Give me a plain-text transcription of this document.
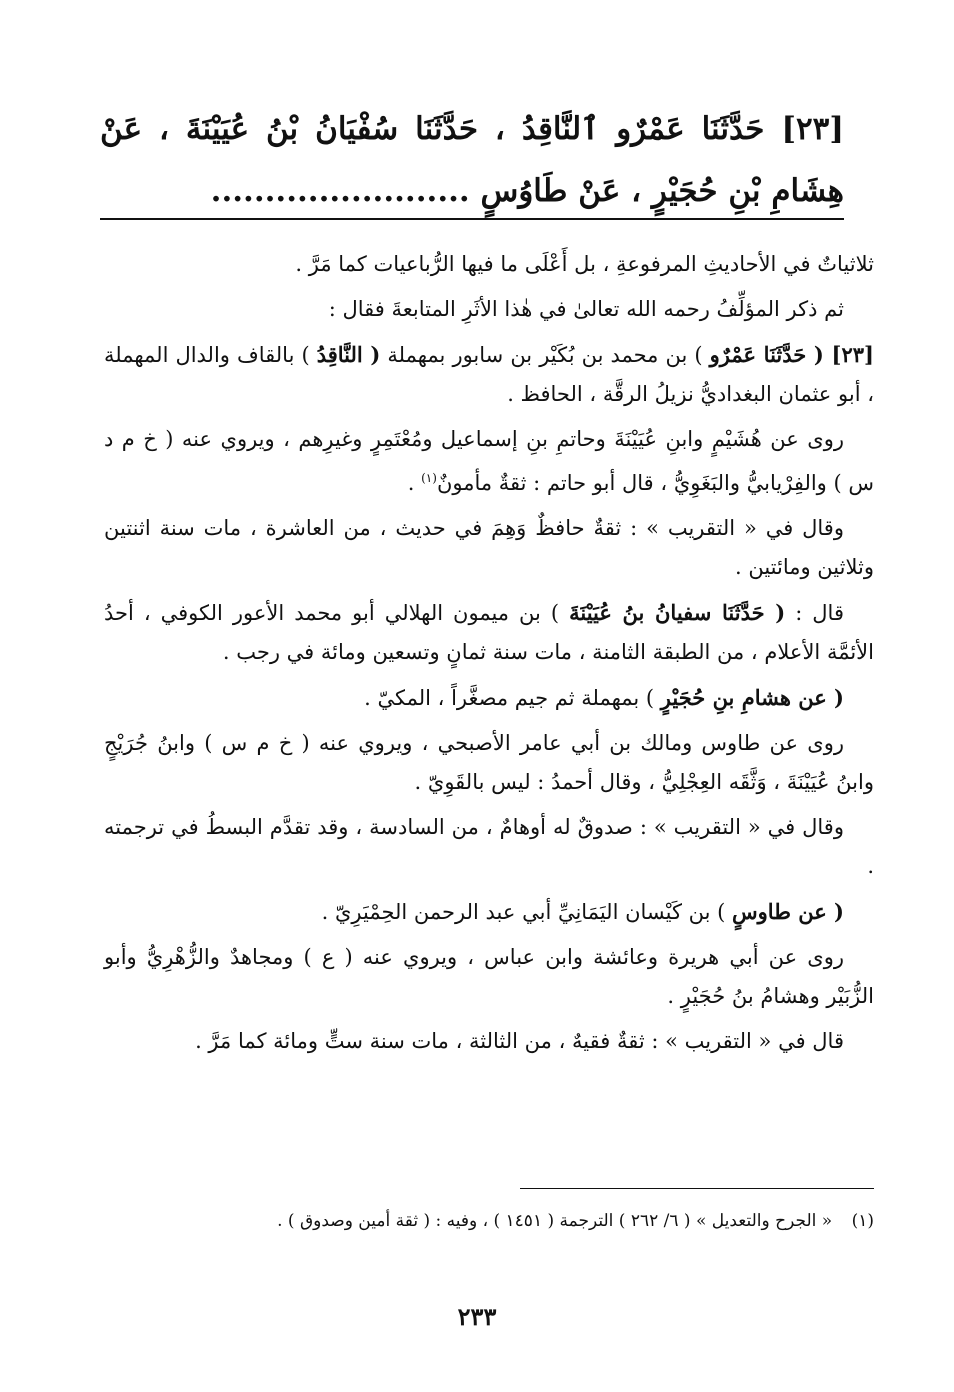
[٢٣] حَدَّثَنَا عَمْرٌو ٱلنَّاقِدُ ، حَدَّثَنَا سُفْيَانُ بْنُ عُيَيْنَةَ ، عَنْ هِشَامِ بْنِ حُجَيْرٍ ، عَنْ طَاوُسٍ ........................

ثلاثياتٌ في الأحاديثِ المرفوعةِ ، بل أَعْلَى ما فيها الرُّباعيات كما مَرَّ .

ثم ذكر المؤلِّفُ رحمه الله تعالىٰ في هٰذا الأثَرِ المتابعةَ فقال :

[٢٣] ( حَدَّثَنَا عَمْرٌو ) بن محمد بن بُكَيْر بن سابور بمهملة ( النَّاقِدُ ) بالقاف والدال المهملة ، أبو عثمان البغداديُّ نزيلُ الرقَّة ، الحافظ .

روى عن هُشَيْمٍ وابنِ عُيَيْنَةَ وحاتمِ بنِ إسماعيل ومُعْتَمِرٍ وغيرِهم ، ويروي عنه ( خ م د س ) والفِرْيابيُّ والبَغَوِيُّ ، قال أبو حاتم : ثقةٌ مأمونٌ$^{(١)}$ .

وقال في « التقريب » : ثقةٌ حافظٌ وَهِمَ في حديث ، من العاشرة ، مات سنة اثنتين وثلاثين ومائتين .

قال : ( حَدَّثَنَا سفيانُ بنُ عُيَيْنَةَ ) بن ميمون الهلالي أبو محمد الأعور الكوفي ، أحدُ الأئمَّة الأعلام ، من الطبقة الثامنة ، مات سنة ثمانٍ وتسعين ومائة في رجب .

( عن هشامِ بنِ حُجَيْرٍ ) بمهملة ثم جيم مصغَّراً ، المكيّ .

روى عن طاوس ومالك بن أبي عامر الأصبحي ، ويروي عنه ( خ م س ) وابنُ جُرَيْجٍ وابنُ عُيَيْنَةَ ، وَثَّقَه العِجْلِيُّ ، وقال أحمدُ : ليس بالقَوِيّ .

وقال في « التقريب » : صدوقٌ له أوهامٌ ، من السادسة ، وقد تقدَّم البسطُ في ترجمته .

( عن طاوسٍ ) بن كَيْسان اليَمَانِيِّ أبي عبد الرحمن الحِمْيَرِيّ .

روى عن أبي هريرة وعائشة وابن عباس ، ويروي عنه ( ع ) ومجاهدٌ والزُّهْرِيُّ وأبو الزُّبَيْر وهشامُ بنُ حُجَيْرٍ .

قال في « التقريب » : ثقةٌ فقيهٌ ، من الثالثة ، مات سنة ستٍّ ومائة كما مَرَّ .

(١) « الجرح والتعديل » ( ٦/ ٢٦٢ ) الترجمة ( ١٤٥١ ) ، وفيه : ( ثقة أمين وصدوق ) .
٢٣٣
